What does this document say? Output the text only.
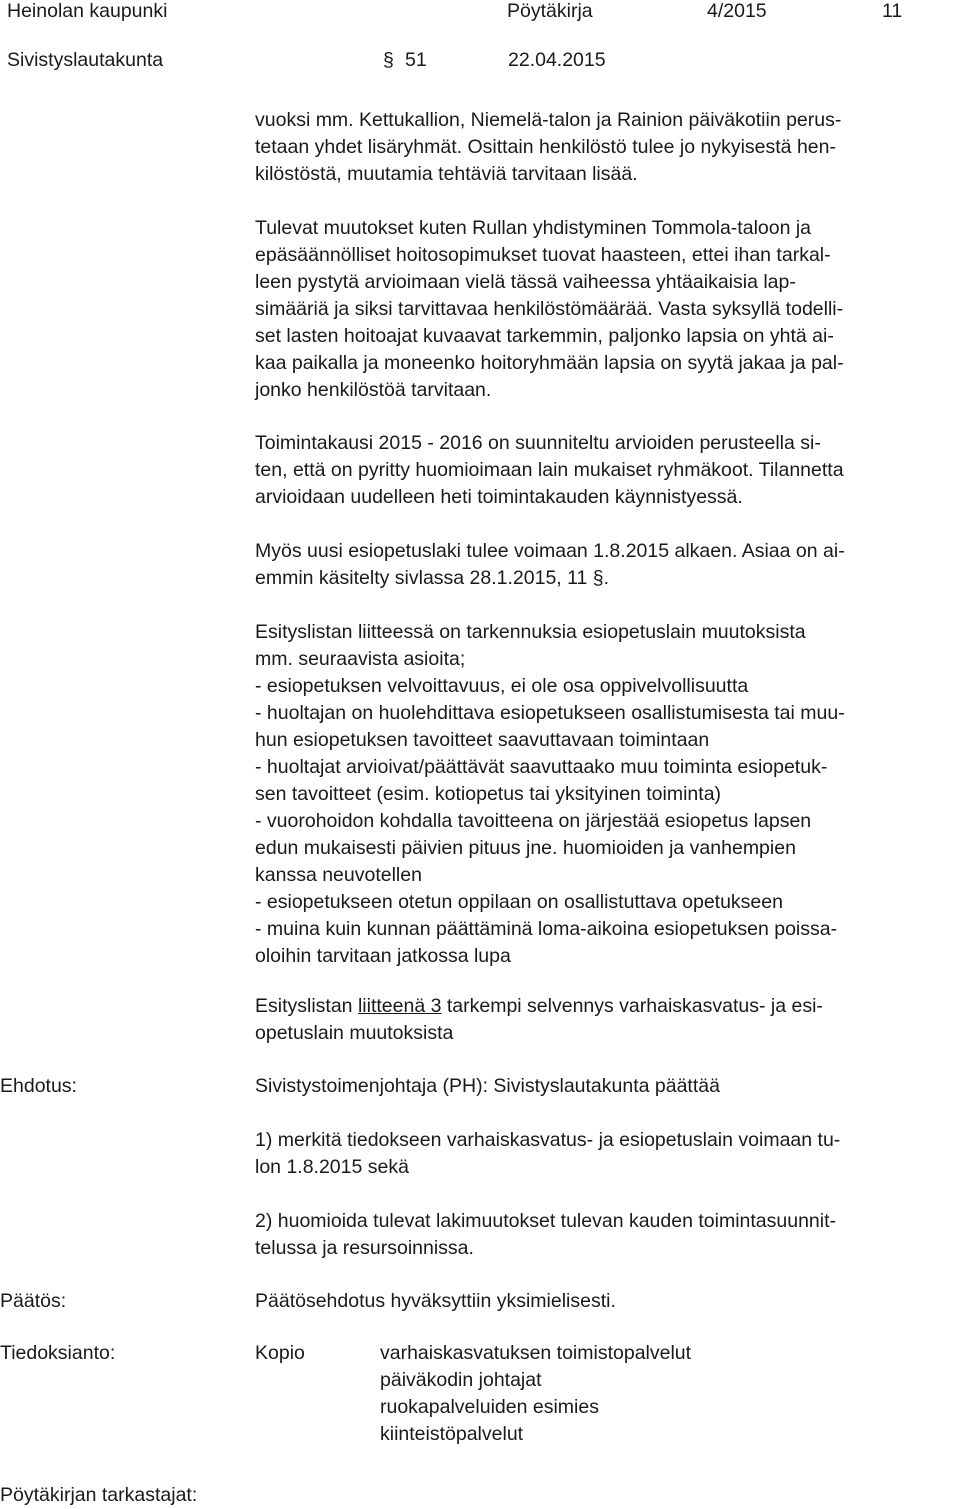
Heinolan kaupunki	Pöytäkirja	4/2015	11
Sivistyslautakunta	§ 51	22.04.2015
vuoksi mm. Kettukallion, Niemelä-talon ja Rainion päiväkotiin perus-
tetaan yhdet lisäryhmät. Osittain henkilöstö tulee jo nykyisestä hen-
kilöstöstä, muutamia tehtäviä tarvitaan lisää.
Tulevat muutokset kuten Rullan yhdistyminen Tommola-taloon ja
epäsäännölliset hoitosopimukset tuovat haasteen, ettei ihan tarkal-
leen pystytä arvioimaan vielä tässä vaiheessa yhtäaikaisia lap-
simääriä ja siksi tarvittavaa henkilöstömäärää. Vasta syksyllä todelli-
set lasten hoitoajat kuvaavat tarkemmin, paljonko lapsia on yhtä ai-
kaa paikalla ja moneenko hoitoryhmään lapsia on syytä jakaa ja pal-
jonko henkilöstöä tarvitaan.
Toimintakausi 2015 - 2016 on suunniteltu arvioiden perusteella si-
ten, että on pyritty huomioimaan lain mukaiset ryhmäkoot. Tilannetta
arvioidaan uudelleen heti toimintakauden käynnistyessä.
Myös uusi esiopetuslaki tulee voimaan 1.8.2015 alkaen. Asiaa on ai-
emmin käsitelty sivlassa 28.1.2015, 11 §.
Esityslistan liitteessä on tarkennuksia esiopetuslain muutoksista
mm. seuraavista asioita;
- esiopetuksen velvoittavuus, ei ole osa oppivelvollisuutta
- huoltajan on huolehdittava esiopetukseen osallistumisesta tai muu-
hun esiopetuksen tavoitteet saavuttavaan toimintaan
- huoltajat arvioivat/päättävät saavuttaako muu toiminta esiopetuk-
sen tavoitteet (esim. kotiopetus tai yksityinen toiminta)
- vuorohoidon kohdalla tavoitteena on järjestää esiopetus lapsen
edun mukaisesti päivien pituus jne. huomioiden ja vanhempien
kanssa neuvotellen
- esiopetukseen otetun oppilaan on osallistuttava opetukseen
- muina kuin kunnan päättäminä loma-aikoina esiopetuksen poissa-
oloihin tarvitaan jatkossa lupa
Esityslistan liitteenä 3 tarkempi selvennys varhaiskasvatus- ja esi-
opetuslain muutoksista
Ehdotus:	Sivistystoimenjohtaja (PH): Sivistyslautakunta päättää
1) merkitä tiedokseen varhaiskasvatus- ja esiopetuslain voimaan tu-
lon 1.8.2015 sekä
2) huomioida tulevat lakimuutokset tulevan kauden toimintasuunnit-
telussa ja resursoinnissa.
Päätös:	Päätösehdotus hyväksyttiin yksimielisesti.
Tiedoksianto:	Kopio	varhaiskasvatuksen toimistopalvelut
päiväkodin johtajat
ruokapalveluiden esimies
kiinteistöpalvelut
Pöytäkirjan tarkastajat:
